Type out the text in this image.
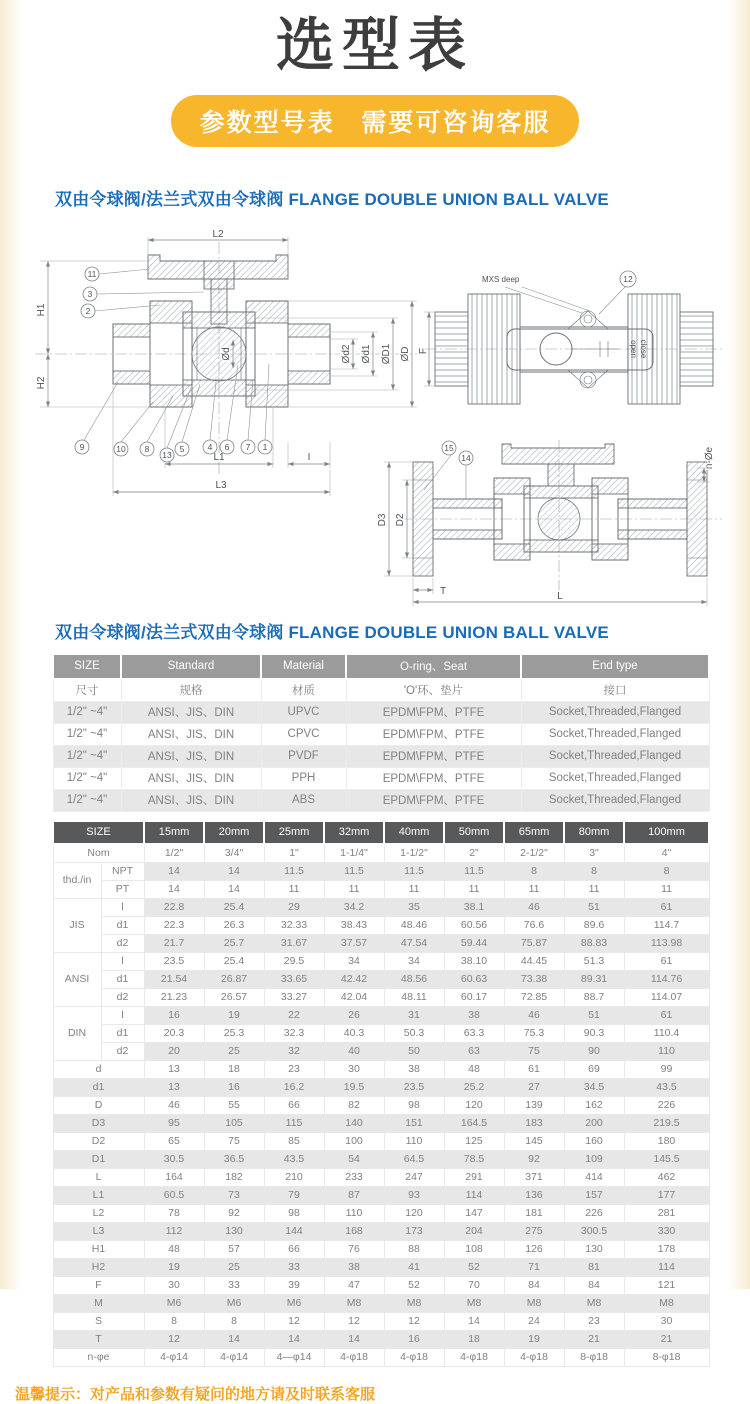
选型表
参数型号表   需要可咨询客服
双由令球阀/法兰式双由令球阀 FLANGE DOUBLE UNION BALL VALVE
L2
H1
H2
Ød	Ød2 Ød1 ØD1 ØD
L1	I
L3
11
3
2
9	10 8
13
5	4 6 7 1
open close
MXS deep	12
F
D3 D2
n-Øe
T	L
15
14
双由令球阀/法兰式双由令球阀 FLANGE DOUBLE UNION BALL VALVE
SIZE	Standard	Material	O-ring、Seat	End type
尺寸	规格	材质	'O'环、垫片	接口
1/2" ~4"	ANSI、JIS、DIN	UPVC	EPDM\FPM、PTFE	Socket,Threaded,Flanged
1/2" ~4"	ANSI、JIS、DIN	CPVC	EPDM\FPM、PTFE	Socket,Threaded,Flanged
1/2" ~4"	ANSI、JIS、DIN	PVDF	EPDM\FPM、PTFE	Socket,Threaded,Flanged
1/2" ~4"	ANSI、JIS、DIN	PPH	EPDM\FPM、PTFE	Socket,Threaded,Flanged
1/2" ~4"	ANSI、JIS、DIN	ABS	EPDM\FPM、PTFE	Socket,Threaded,Flanged
SIZE		15mm	20mm	25mm	32mm	40mm	50mm	65mm	80mm	100mm
Nom		1/2"	3/4"	1"	1-1/4"	1-1/2"	2"	2-1/2"	3"	4"
thd./in	NPT	14	14	11.5	11.5	11.5	11.5	8	8	8
	PT	14	14	11	11	11	11	11	11	11
JIS	l	22.8	25.4	29	34.2	35	38.1	46	51	61
	d1	22.3	26.3	32.33	38.43	48.46	60.56	76.6	89.6	114.7
	d2	21.7	25.7	31.67	37.57	47.54	59.44	75.87	88.83	113.98
ANSI	l	23.5	25.4	29.5	34	34	38.10	44.45	51.3	61
	d1	21.54	26.87	33.65	42.42	48.56	60.63	73.38	89.31	114.76
	d2	21.23	26.57	33.27	42.04	48.11	60.17	72.85	88.7	114.07
DIN	l	16	19	22	26	31	38	46	51	61
	d1	20.3	25.3	32.3	40.3	50.3	63.3	75.3	90.3	110.4
	d2	20	25	32	40	50	63	75	90	110
d		13	18	23	30	38	48	61	69	99
d1		13	16	16.2	19.5	23.5	25.2	27	34.5	43.5
D		46	55	66	82	98	120	139	162	226
D3		95	105	115	140	151	164.5	183	200	219.5
D2		65	75	85	100	110	125	145	160	180
D1		30.5	36.5	43.5	54	64.5	78.5	92	109	145.5
L		164	182	210	233	247	291	371	414	462
L1		60.5	73	79	87	93	114	136	157	177
L2		78	92	98	110	120	147	181	226	281
L3		112	130	144	168	173	204	275	300.5	330
H1		48	57	66	76	88	108	126	130	178
H2		19	25	33	38	41	52	71	81	114
F		30	33	39	47	52	70	84	84	121
M		M6	M6	M6	M8	M8	M8	M8	M8	M8
S		8	8	12	12	12	14	24	23	30
T		12	14	14	14	16	18	19	21	21
n-φe		4-φ14	4-φ14	4—φ14	4-φ18	4-φ18	4-φ18	4-φ18	8-φ18	8-φ18
温馨提示：对产品和参数有疑问的地方请及时联系客服
